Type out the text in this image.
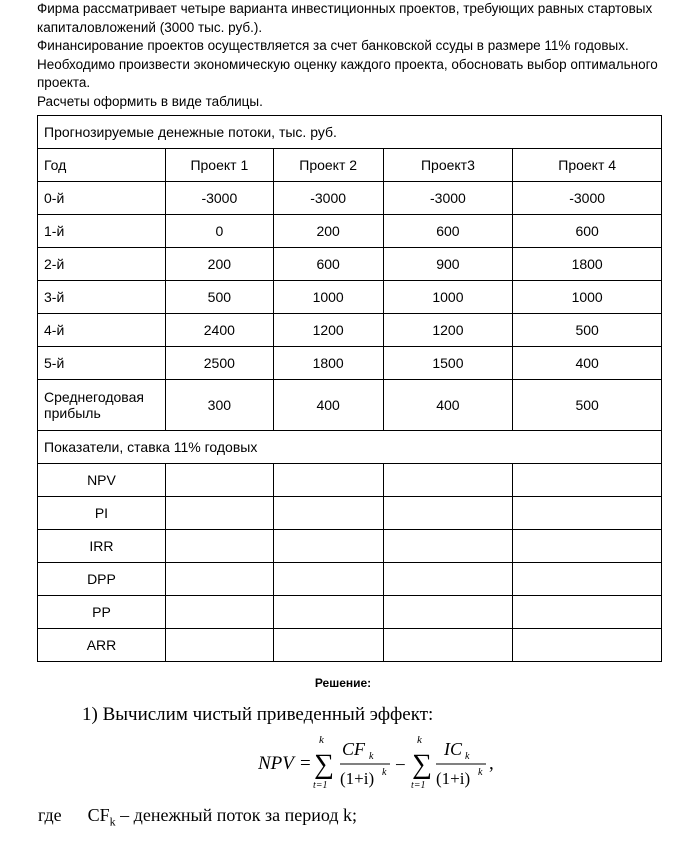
Фирма рассматривает четыре варианта инвестиционных проектов, требующих равных стартовых капиталовложений (3000 тыс. руб.).

Финансирование проектов осуществляется за счет банковской ссуды в размере 11% годовых. Необходимо произвести экономическую оценку каждого проекта, обосновать выбор оптимального проекта.

Расчеты оформить в виде таблицы.

Прогнозируемые денежные потоки, тыс. руб.				
Год	Проект 1	Проект 2	Проект3	Проект 4
0-й	-3000	-3000	-3000	-3000
1-й	0	200	600	600
2-й	200	600	900	1800
3-й	500	1000	1000	1000
4-й	2400	1200	1200	500
5-й	2500	1800	1500	400
Среднегодовая прибыль	300	400	400	500
Показатели, ставка 11% годовых				
NPV				
PI				
IRR				
DPP				
PP				
ARR				
Решение:
1) Вычислим чистый приведенный эффект:
NPV =
k
∑
t=1
CF k
(1+i) k −
k
∑
t=1
IC k
(1+i) k ,
где $CF_k$ – денежный поток за период k;
